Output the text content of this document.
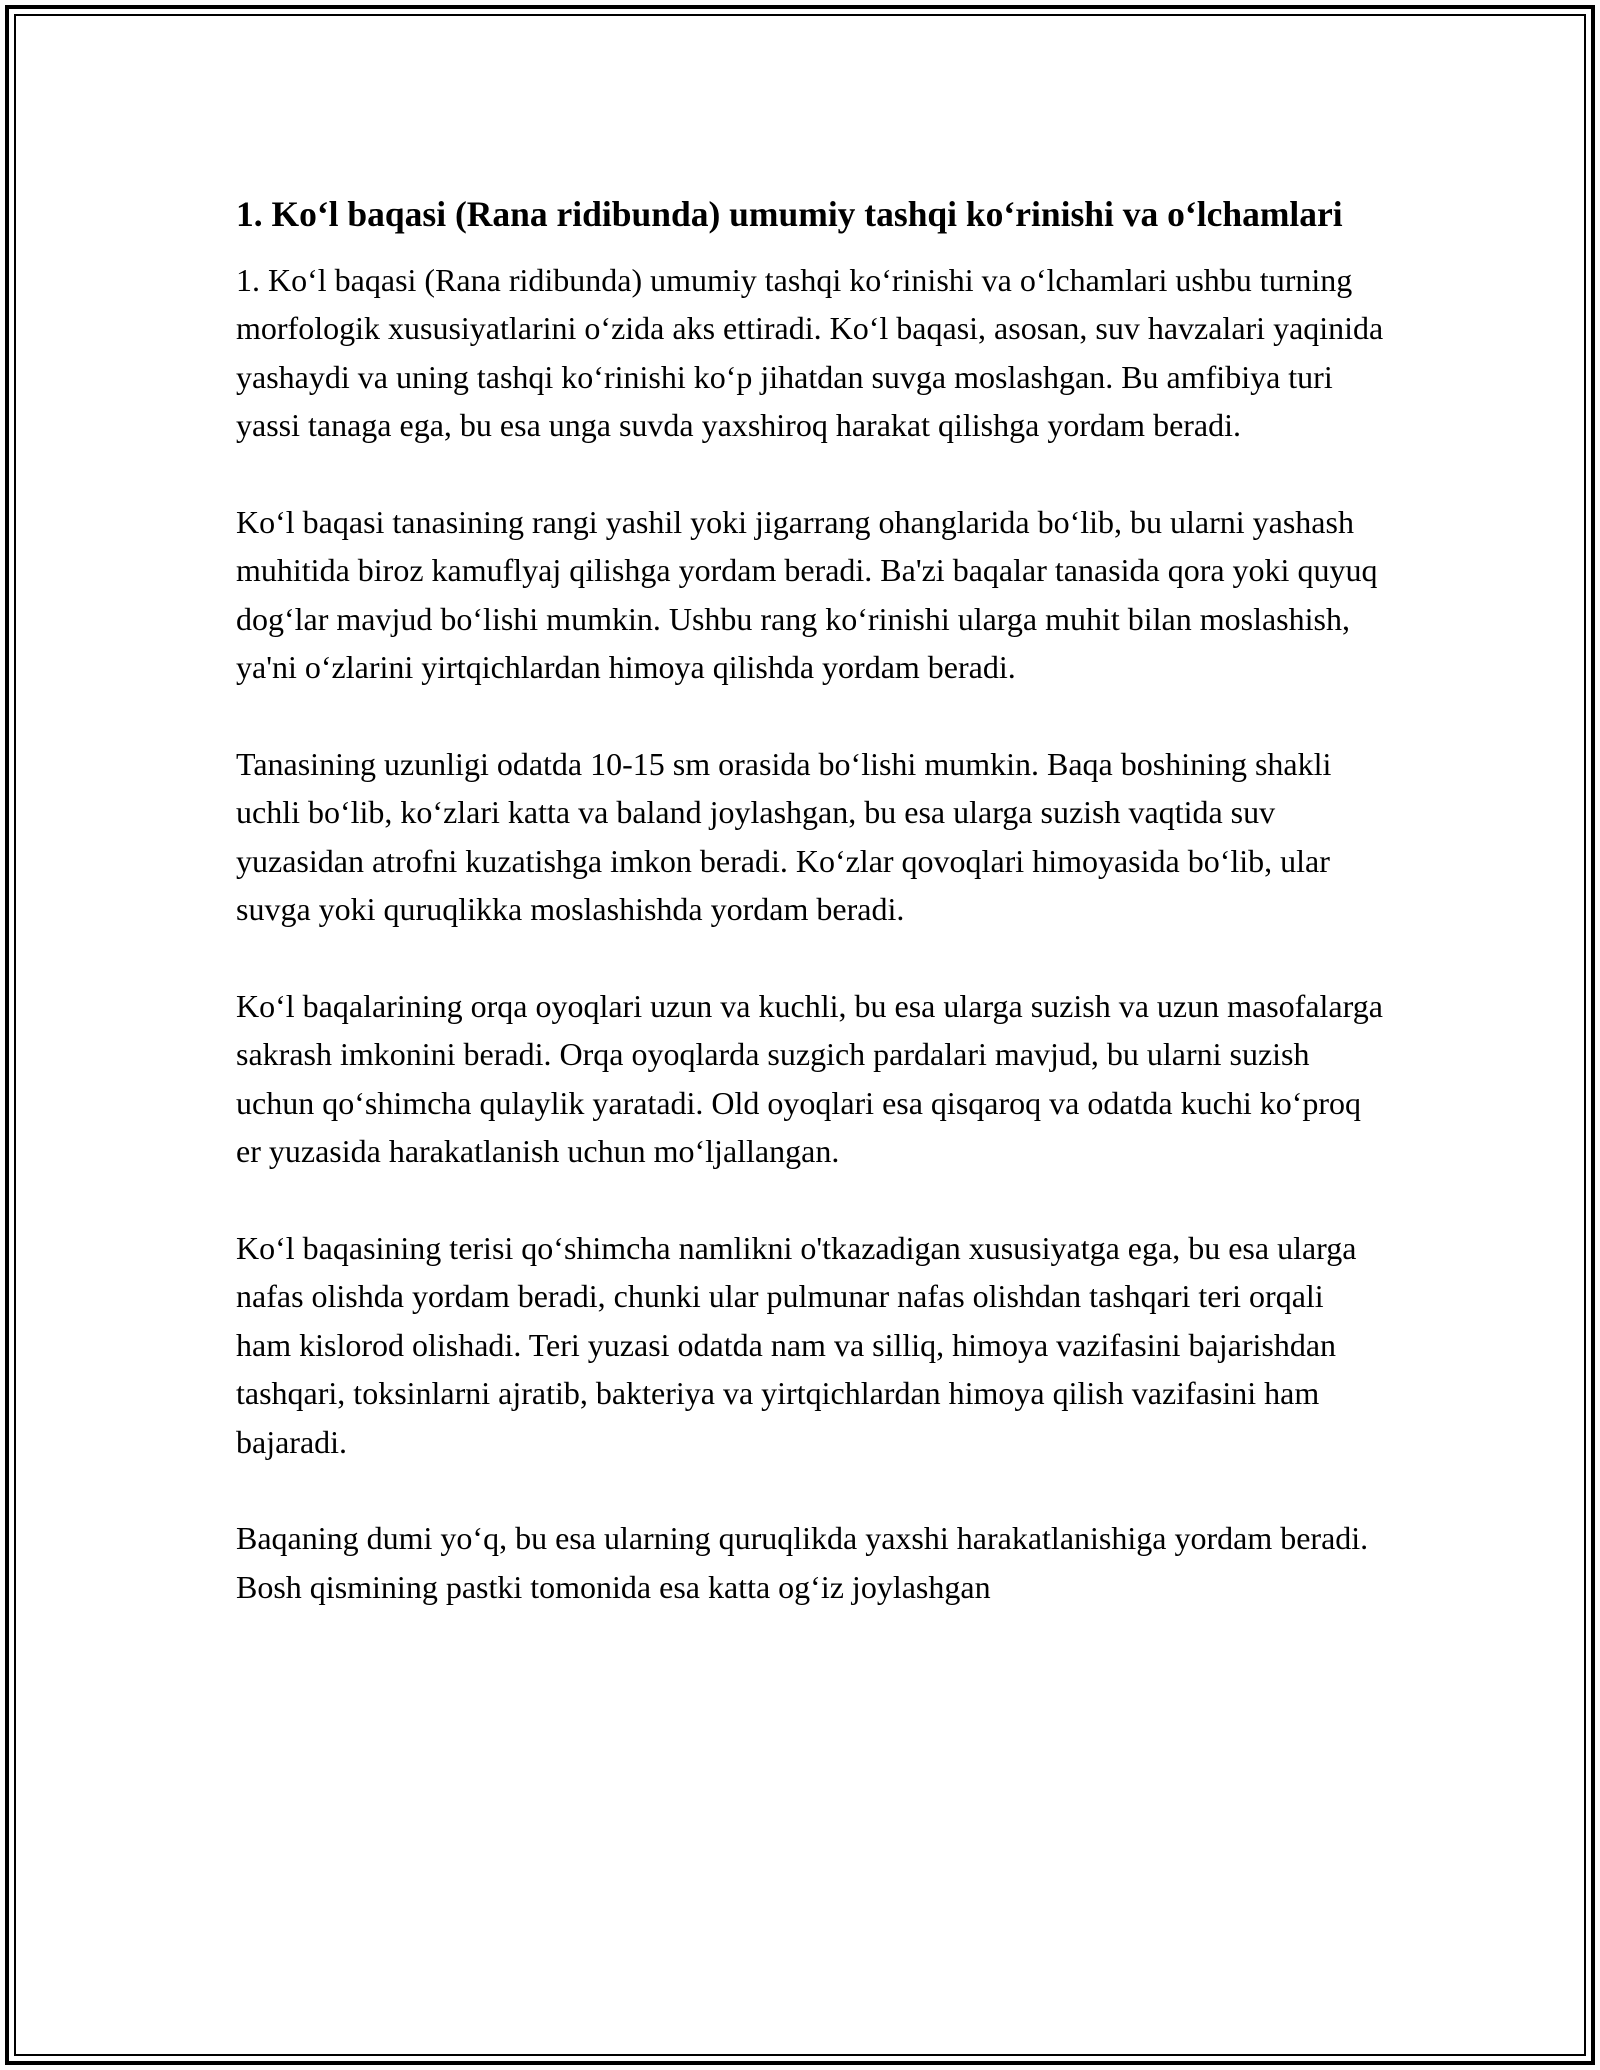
1. Ko‘l baqasi (Rana ridibunda) umumiy tashqi ko‘rinishi va o‘lchamlari

1. Ko‘l baqasi (Rana ridibunda) umumiy tashqi ko‘rinishi va o‘lchamlari ushbu turning morfologik xususiyatlarini o‘zida aks ettiradi. Ko‘l baqasi, asosan, suv havzalari yaqinida yashaydi va uning tashqi ko‘rinishi ko‘p jihatdan suvga moslashgan. Bu amfibiya turi yassi tanaga ega, bu esa unga suvda yaxshiroq harakat qilishga yordam beradi.

Ko‘l baqasi tanasining rangi yashil yoki jigarrang ohanglarida bo‘lib, bu ularni yashash muhitida biroz kamuflyaj qilishga yordam beradi. Ba'zi baqalar tanasida qora yoki quyuq dog‘lar mavjud bo‘lishi mumkin. Ushbu rang ko‘rinishi ularga muhit bilan moslashish, ya'ni o‘zlarini yirtqichlardan himoya qilishda yordam beradi.

Tanasining uzunligi odatda 10-15 sm orasida bo‘lishi mumkin. Baqa boshining shakli uchli bo‘lib, ko‘zlari katta va baland joylashgan, bu esa ularga suzish vaqtida suv yuzasidan atrofni kuzatishga imkon beradi. Ko‘zlar qovoqlari himoyasida bo‘lib, ular suvga yoki quruqlikka moslashishda yordam beradi.

Ko‘l baqalarining orqa oyoqlari uzun va kuchli, bu esa ularga suzish va uzun masofalarga sakrash imkonini beradi. Orqa oyoqlarda suzgich pardalari mavjud, bu ularni suzish uchun qo‘shimcha qulaylik yaratadi. Old oyoqlari esa qisqaroq va odatda kuchi ko‘proq er yuzasida harakatlanish uchun mo‘ljallangan.

Ko‘l baqasining terisi qo‘shimcha namlikni o'tkazadigan xususiyatga ega, bu esa ularga nafas olishda yordam beradi, chunki ular pulmunar nafas olishdan tashqari teri orqali ham kislorod olishadi. Teri yuzasi odatda nam va silliq, himoya vazifasini bajarishdan tashqari, toksinlarni ajratib, bakteriya va yirtqichlardan himoya qilish vazifasini ham bajaradi.

Baqaning dumi yo‘q, bu esa ularning quruqlikda yaxshi harakatlanishiga yordam beradi. Bosh qismining pastki tomonida esa katta og‘iz joylashgan
